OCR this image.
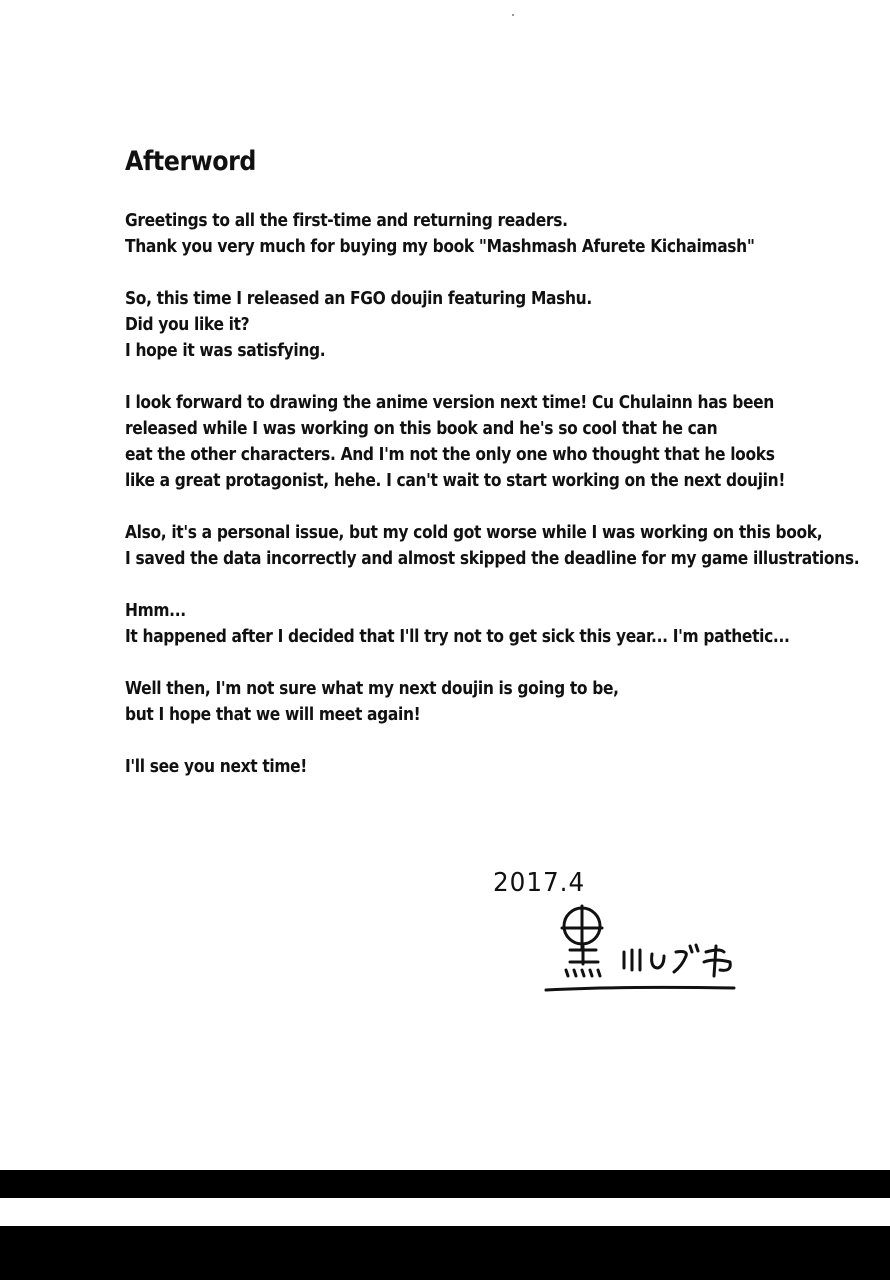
Afterword
Greetings to all the first-time and returning readers.
Thank you very much for buying my book "Mashmash Afurete Kichaimash"
So, this time I released an FGO doujin featuring Mashu.
Did you like it?
I hope it was satisfying.
I look forward to drawing the anime version next time! Cu Chulainn has been
released while I was working on this book and he's so cool that he can
eat the other characters. And I'm not the only one who thought that he looks
like a great protagonist, hehe. I can't wait to start working on the next doujin!
Also, it's a personal issue, but my cold got worse while I was working on this book,
I saved the data incorrectly and almost skipped the deadline for my game illustrations.
Hmm...
It happened after I decided that I'll try not to get sick this year... I'm pathetic...
Well then, I'm not sure what my next doujin is going to be,
but I hope that we will meet again!
I'll see you next time!
2017.4
